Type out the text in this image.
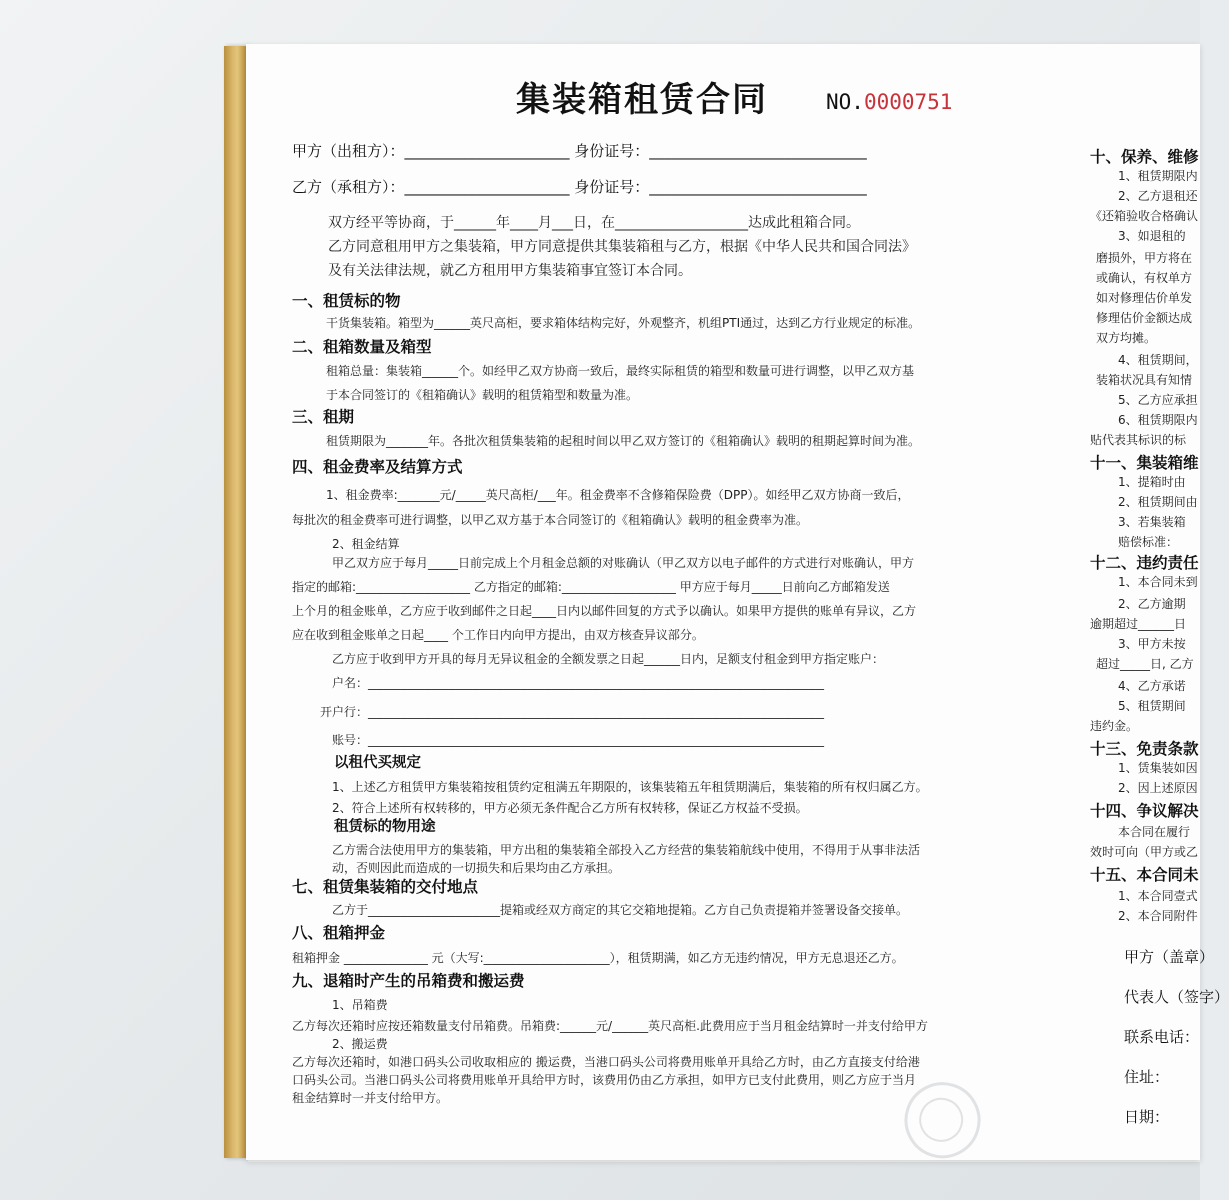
集装箱租赁合同	NO.0000751
甲方（出租方）：______________________ 身份证号：_____________________________
乙方（承租方）：______________________ 身份证号：_____________________________
双方经平等协商，于______年____月___日，在___________________达成此租箱合同。
乙方同意租用甲方之集装箱，甲方同意提供其集装箱租与乙方，根据《中华人民共和国合同法》
及有关法律法规，就乙方租用甲方集装箱事宜签订本合同。
一、租赁标的物
干货集装箱。箱型为______英尺高柜，要求箱体结构完好，外观整齐，机组PTI通过，达到乙方行业规定的标准。
二、租箱数量及箱型
租箱总量：集装箱______个。如经甲乙双方协商一致后，最终实际租赁的箱型和数量可进行调整，以甲乙双方基
于本合同签订的《租箱确认》载明的租赁箱型和数量为准。
三、租期
租赁期限为_______年。各批次租赁集装箱的起租时间以甲乙双方签订的《租箱确认》载明的租期起算时间为准。
四、租金费率及结算方式
1、租金费率:_______元/_____英尺高柜/___年。租金费率不含修箱保险费（DPP）。如经甲乙双方协商一致后，
每批次的租金费率可进行调整，以甲乙双方基于本合同签订的《租箱确认》载明的租金费率为准。
2、租金结算
甲乙双方应于每月_____日前完成上个月租金总额的对账确认（甲乙双方以电子邮件的方式进行对账确认，甲方
指定的邮箱:___________________ 乙方指定的邮箱:___________________ 甲方应于每月_____日前向乙方邮箱发送
上个月的租金账单，乙方应于收到邮件之日起____日内以邮件回复的方式予以确认。如果甲方提供的账单有异议，乙方
应在收到租金账单之日起____ 个工作日内向甲方提出，由双方核查异议部分。
乙方应于收到甲方开具的每月无异议租金的全额发票之日起______日内，足额支付租金到甲方指定账户：
户名：____________________________________________________________________________
开户行：____________________________________________________________________________
账号：____________________________________________________________________________
以租代买规定
1、上述乙方租赁甲方集装箱按租赁约定租满五年期限的，该集装箱五年租赁期满后，集装箱的所有权归属乙方。
2、符合上述所有权转移的，甲方必须无条件配合乙方所有权转移，保证乙方权益不受损。
租赁标的物用途
乙方需合法使用甲方的集装箱，甲方出租的集装箱全部投入乙方经营的集装箱航线中使用，不得用于从事非法活
动，否则因此而造成的一切损失和后果均由乙方承担。
七、租赁集装箱的交付地点
乙方于______________________提箱或经双方商定的其它交箱地提箱。乙方自己负责提箱并签署设备交接单。
八、租箱押金
租箱押金 ______________ 元（大写:_____________________），租赁期满，如乙方无违约情况，甲方无息退还乙方。
九、退箱时产生的吊箱费和搬运费
1、吊箱费
乙方每次还箱时应按还箱数量支付吊箱费。吊箱费:______元/______英尺高柜.此费用应于当月租金结算时一并支付给甲方
2、搬运费
乙方每次还箱时，如港口码头公司收取相应的 搬运费，当港口码头公司将费用账单开具给乙方时，由乙方直接支付给港
口码头公司。当港口码头公司将费用账单开具给甲方时，该费用仍由乙方承担，如甲方已支付此费用，则乙方应于当月
租金结算时一并支付给甲方。
十、保养、维修
1、租赁期限内
2、乙方退租还
《还箱验收合格确认
3、如退租的
磨损外，甲方将在
或确认，有权单方
如对修理估价单发
修理估价金额达成
双方均摊。
4、租赁期间，
装箱状况具有知情
5、乙方应承担
6、租赁期限内
贴代表其标识的标
十一、集装箱维
1、提箱时由
2、租赁期间由
3、若集装箱
赔偿标准：
十二、违约责任
1、本合同未到
2、乙方逾期
逾期超过______日
3、甲方未按
超过_____日, 乙方
4、乙方承诺
5、租赁期间
违约金。
十三、免责条款
1、赁集装如因
2、因上述原因
十四、争议解决
本合同在履行
效时可向（甲方或乙
十五、本合同未
1、本合同壹式
2、本合同附件
甲方（盖章）
代表人（签字）
联系电话：
住址：
日期：
